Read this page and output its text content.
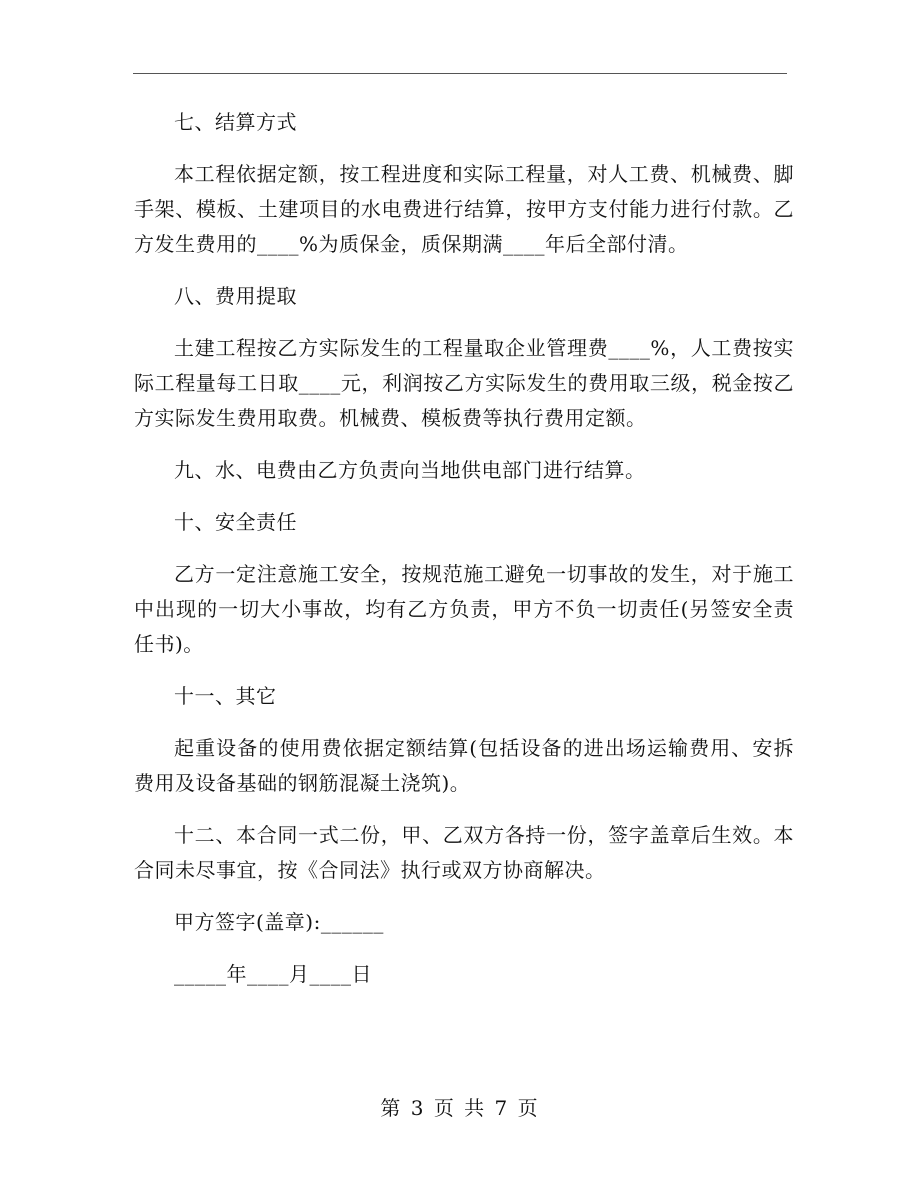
七、结算方式

本工程依据定额，按工程进度和实际工程量，对人工费、机械费、脚手架、模板、土建项目的水电费进行结算，按甲方支付能力进行付款。乙方发生费用的____%为质保金，质保期满____年后全部付清。

八、费用提取

土建工程按乙方实际发生的工程量取企业管理费____%，人工费按实际工程量每工日取____元，利润按乙方实际发生的费用取三级，税金按乙方实际发生费用取费。机械费、模板费等执行费用定额。

九、水、电费由乙方负责向当地供电部门进行结算。

十、安全责任

乙方一定注意施工安全，按规范施工避免一切事故的发生，对于施工中出现的一切大小事故，均有乙方负责，甲方不负一切责任(另签安全责任书)。

十一、其它

起重设备的使用费依据定额结算(包括设备的进出场运输费用、安拆费用及设备基础的钢筋混凝土浇筑)。

十二、本合同一式二份，甲、乙双方各持一份，签字盖章后生效。本合同未尽事宜，按《合同法》执行或双方协商解决。

甲方签字(盖章):______

_____年____月____日

第 3 页 共 7 页
